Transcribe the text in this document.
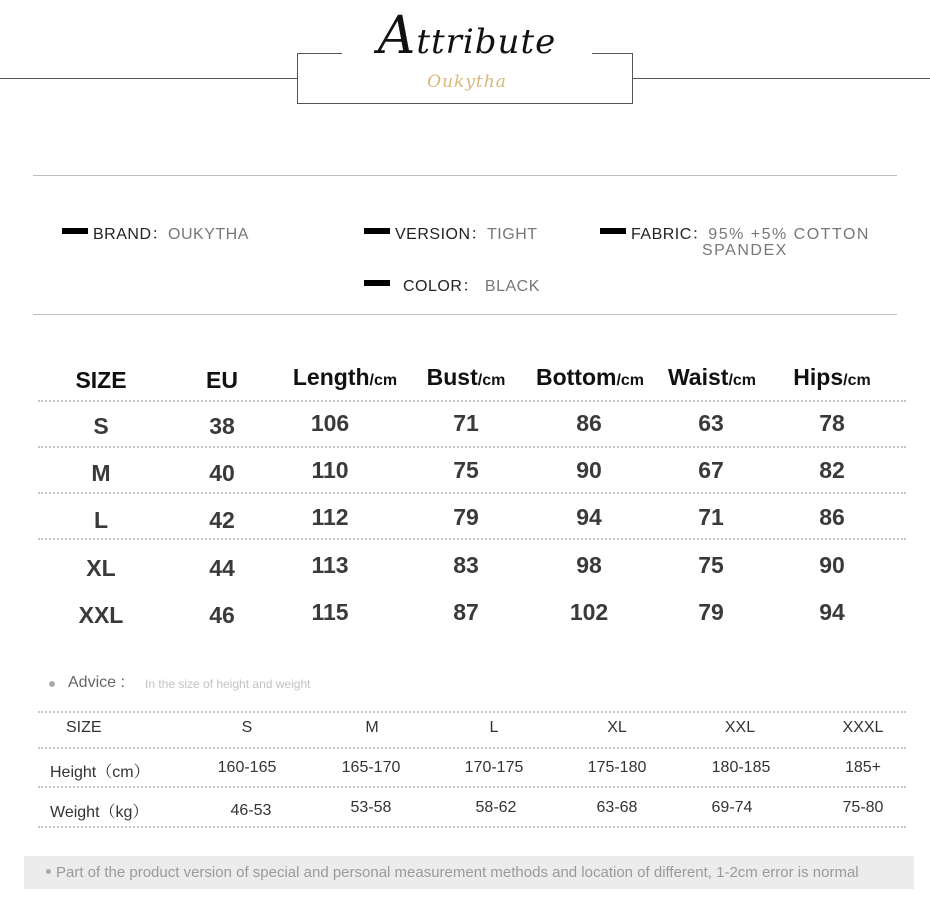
Attribute
Oukytha
BRAND：OUKYTHA	VERSION：TIGHT	FABRIC：95% +5% COTTON
SPANDEX
COLOR： BLACK
SIZE	EU	Length/cm	Bust/cm	Bottom/cm	Waist/cm	Hips/cm
S	38	106	71	86	63	78
M	40	110	75	90	67	82
L	42	112	79	94	71	86
XL	44	113	83	98	75	90
XXL	46	115	87	102	79	94
Advice : In the size of height and weight
SIZE	S	M	L	XL	XXL	XXXL
Height（cm）	160-165	165-170	170-175	175-180	180-185	185+
Weight（kg）	46-53	53-58	58-62	63-68	69-74	75-80
Part of the product version of special and personal measurement methods and location of different, 1-2cm error is normal
